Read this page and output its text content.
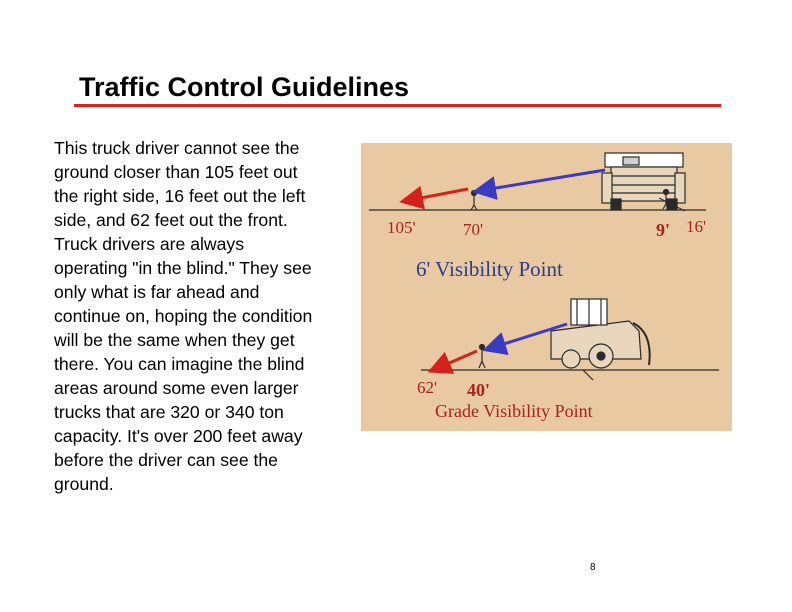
Traffic Control Guidelines
This truck driver cannot see the
ground closer than 105 feet out
the right side, 16 feet out the left
side, and 62 feet out the front.
Truck drivers are always
operating "in the blind." They see
only what is far ahead and
continue on, hoping the condition
will be the same when they get
there. You can imagine the blind
areas around some even larger
trucks that are 320 or 340 ton
capacity. It's over 200 feet away
before the driver can see the
ground.
105'	70'	9' 16'
6' Visibility Point
62' 40'
Grade Visibility Point
8
